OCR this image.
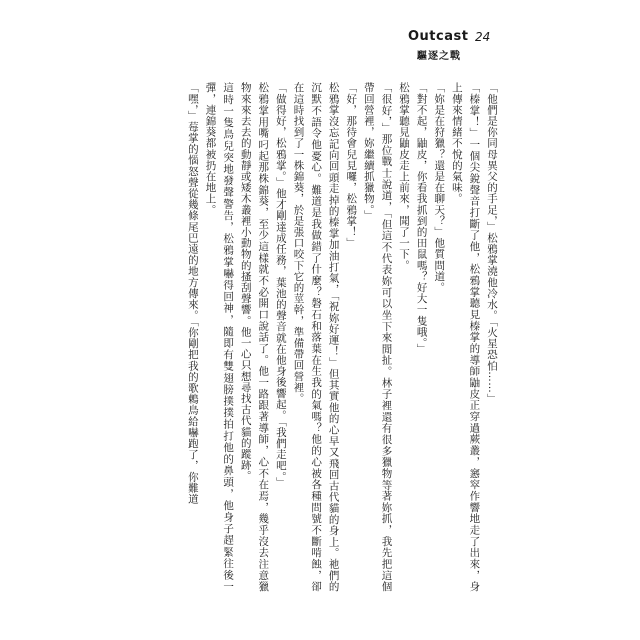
Outcast 24
驅逐之戰

「他們是你同母異父的手足，」松鴉掌澆他冷水。「火星恐怕……」

「榛掌！」一個尖銳聲音打斷了他，松鴉掌聽見榛掌的導師鼬皮正穿過蕨叢，窸窣作響地走了出來，身上傳來情緒不悅的氣味。

「妳是在狩獵？還是在聊天？」他質問道。

「對不起，鼬皮，你看我抓到的田鼠嗎？好大一隻哦。」

松鴉掌聽見鼬皮走上前來，聞了一下。

「很好，」那位戰士說道，「但這不代表妳可以坐下來閒扯。林子裡還有很多獵物等著妳抓，我先把這個帶回營裡，妳繼續抓獵物。」

「好，那待會兒見囉，松鴉掌！」

松鴉掌沒忘記向回頭走掉的榛掌加油打氣，「祝妳好運！」但其實他的心早又飛回古代貓的身上。祂們的沉默不語令他憂心。難道是我做錯了什麼？磐石和落葉在生我的氣嗎？他的心被各種問號不斷啃蝕，卻在這時找到了一株錦葵，於是張口咬下它的莖幹，準備帶回營裡。

「做得好，松鴉掌。」他才剛達成任務，葉池的聲音就在他身後響起。「我們走吧。」

松鴉掌用嘴叼起那株錦葵，至少這樣就不必開口說話了。他一路跟著導師，心不在焉，幾乎沒去注意獵物來來去去的動靜或矮木叢裡小動物的搔刮聲響。他一心只想尋找古代貓的蹤跡。

這時一隻鳥兒突地發聲警告，松鴉掌嚇得回神，隨即有雙翅膀撲撲拍打他的鼻頭，他身子趕緊往後一彈，連錦葵都被扔在地上。

「嘿，」莓掌的惱怒聲從幾條尾巴遠的地方傳來。「你剛把我的歌鶇鳥給嚇跑了，你難道
